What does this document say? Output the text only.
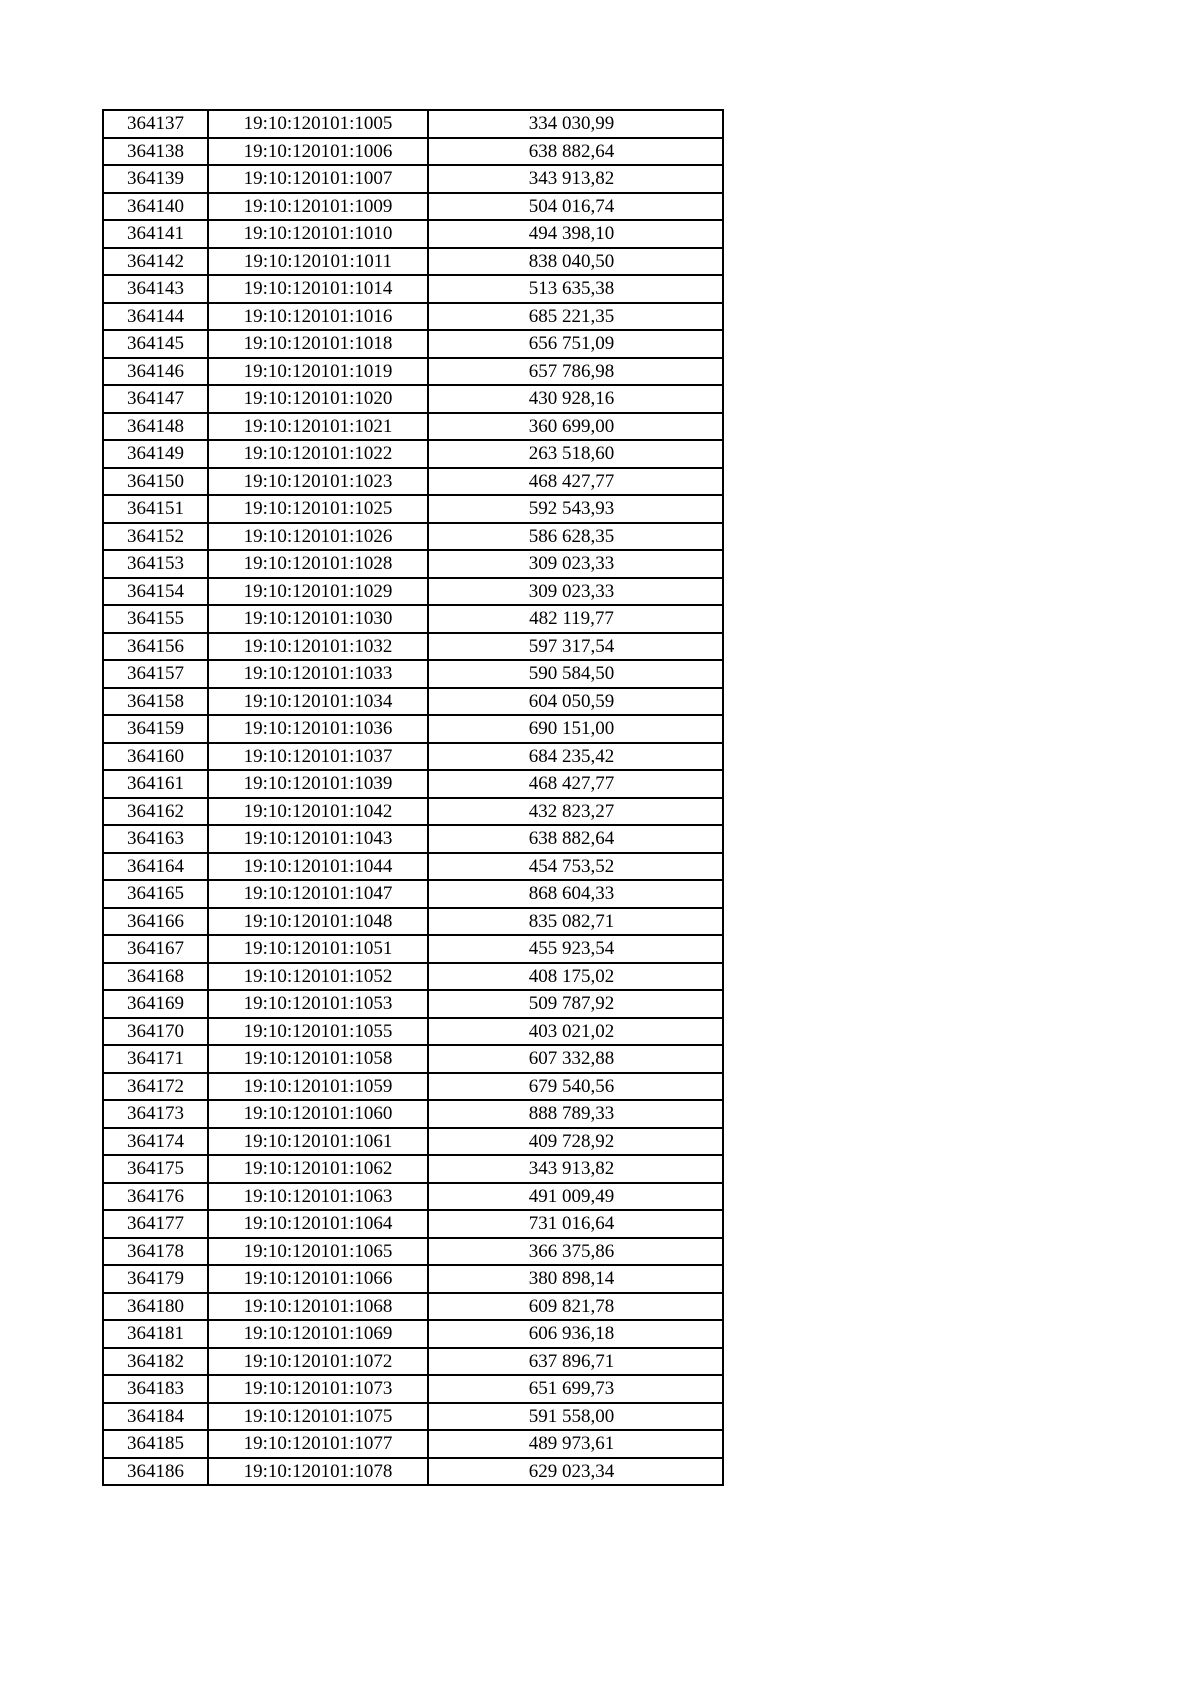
364137	19:10:120101:1005	334 030,99
364138	19:10:120101:1006	638 882,64
364139	19:10:120101:1007	343 913,82
364140	19:10:120101:1009	504 016,74
364141	19:10:120101:1010	494 398,10
364142	19:10:120101:1011	838 040,50
364143	19:10:120101:1014	513 635,38
364144	19:10:120101:1016	685 221,35
364145	19:10:120101:1018	656 751,09
364146	19:10:120101:1019	657 786,98
364147	19:10:120101:1020	430 928,16
364148	19:10:120101:1021	360 699,00
364149	19:10:120101:1022	263 518,60
364150	19:10:120101:1023	468 427,77
364151	19:10:120101:1025	592 543,93
364152	19:10:120101:1026	586 628,35
364153	19:10:120101:1028	309 023,33
364154	19:10:120101:1029	309 023,33
364155	19:10:120101:1030	482 119,77
364156	19:10:120101:1032	597 317,54
364157	19:10:120101:1033	590 584,50
364158	19:10:120101:1034	604 050,59
364159	19:10:120101:1036	690 151,00
364160	19:10:120101:1037	684 235,42
364161	19:10:120101:1039	468 427,77
364162	19:10:120101:1042	432 823,27
364163	19:10:120101:1043	638 882,64
364164	19:10:120101:1044	454 753,52
364165	19:10:120101:1047	868 604,33
364166	19:10:120101:1048	835 082,71
364167	19:10:120101:1051	455 923,54
364168	19:10:120101:1052	408 175,02
364169	19:10:120101:1053	509 787,92
364170	19:10:120101:1055	403 021,02
364171	19:10:120101:1058	607 332,88
364172	19:10:120101:1059	679 540,56
364173	19:10:120101:1060	888 789,33
364174	19:10:120101:1061	409 728,92
364175	19:10:120101:1062	343 913,82
364176	19:10:120101:1063	491 009,49
364177	19:10:120101:1064	731 016,64
364178	19:10:120101:1065	366 375,86
364179	19:10:120101:1066	380 898,14
364180	19:10:120101:1068	609 821,78
364181	19:10:120101:1069	606 936,18
364182	19:10:120101:1072	637 896,71
364183	19:10:120101:1073	651 699,73
364184	19:10:120101:1075	591 558,00
364185	19:10:120101:1077	489 973,61
364186	19:10:120101:1078	629 023,34
